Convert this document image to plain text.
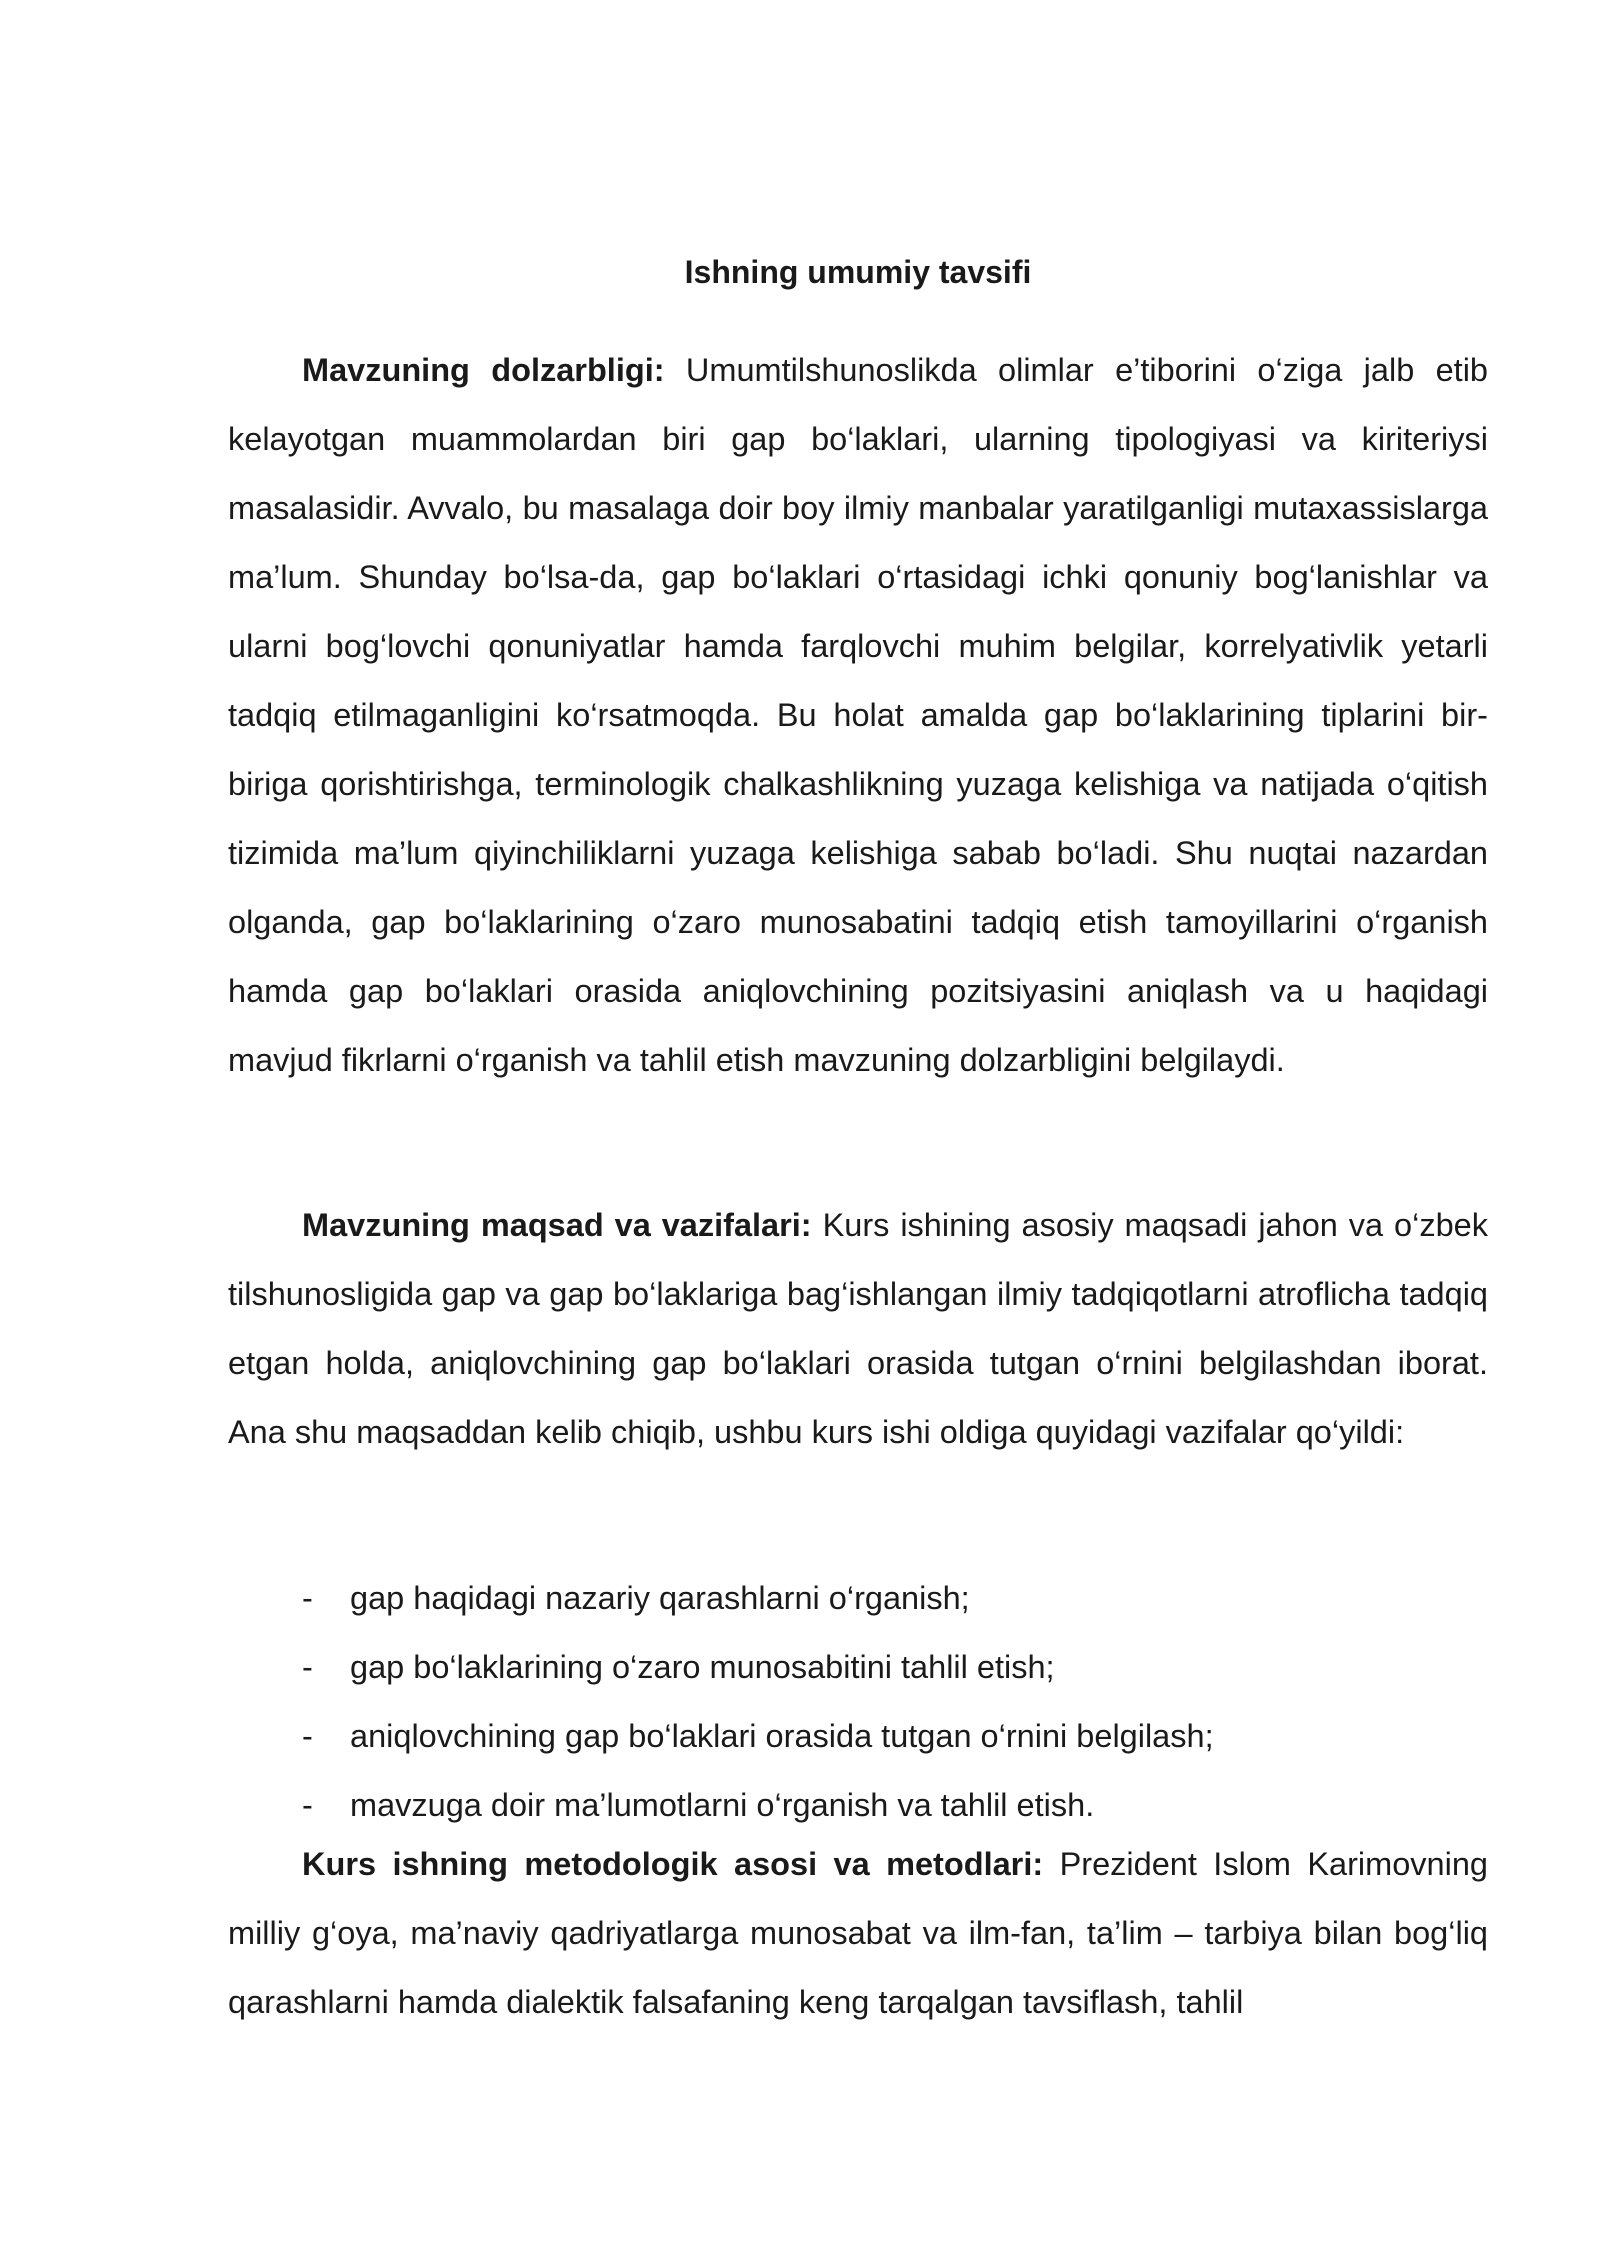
Ishning umumiy tavsifi

Mavzuning dolzarbligi: Umumtilshunoslikda olimlar e’tiborini o‘ziga jalb etib kelayotgan muammolardan biri gap bo‘laklari, ularning tipologiyasi va kiriteriysi masalasidir. Avvalo, bu masalaga doir boy ilmiy manbalar yaratilganligi mutaxassislarga ma’lum. Shunday bo‘lsa-da, gap bo‘laklari o‘rtasidagi ichki qonuniy bog‘lanishlar va ularni bog‘lovchi qonuniyatlar hamda farqlovchi muhim belgilar, korrelyativlik yetarli tadqiq etilmaganligini ko‘rsatmoqda. Bu holat amalda gap bo‘laklarining tiplarini bir-biriga qorishtirishga, terminologik chalkashlikning yuzaga kelishiga va natijada o‘qitish tizimida ma’lum qiyinchiliklarni yuzaga kelishiga sabab bo‘ladi. Shu nuqtai nazardan olganda, gap bo‘laklarining o‘zaro munosabatini tadqiq etish tamoyillarini o‘rganish hamda gap bo‘laklari orasida aniqlovchining pozitsiyasini aniqlash va u haqidagi mavjud fikrlarni o‘rganish va tahlil etish mavzuning dolzarbligini belgilaydi.

Mavzuning maqsad va vazifalari: Kurs ishining asosiy maqsadi jahon va o‘zbek tilshunosligida gap va gap bo‘laklariga bag‘ishlangan ilmiy tadqiqotlarni atroflicha tadqiq etgan holda, aniqlovchining gap bo‘laklari orasida tutgan o‘rnini belgilashdan iborat. Ana shu maqsaddan kelib chiqib, ushbu kurs ishi oldiga quyidagi vazifalar qo‘yildi:

- gap haqidagi nazariy qarashlarni o‘rganish;
- gap bo‘laklarining o‘zaro munosabitini tahlil etish;
- aniqlovchining gap bo‘laklari orasida tutgan o‘rnini belgilash;
- mavzuga doir ma’lumotlarni o‘rganish va tahlil etish.

Kurs ishning metodologik asosi va metodlari: Prezident Islom Karimovning milliy g‘oya, ma’naviy qadriyatlarga munosabat va ilm-fan, ta’lim – tarbiya bilan bog‘liq qarashlarni hamda dialektik falsafaning keng tarqalgan tavsiflash, tahlil
